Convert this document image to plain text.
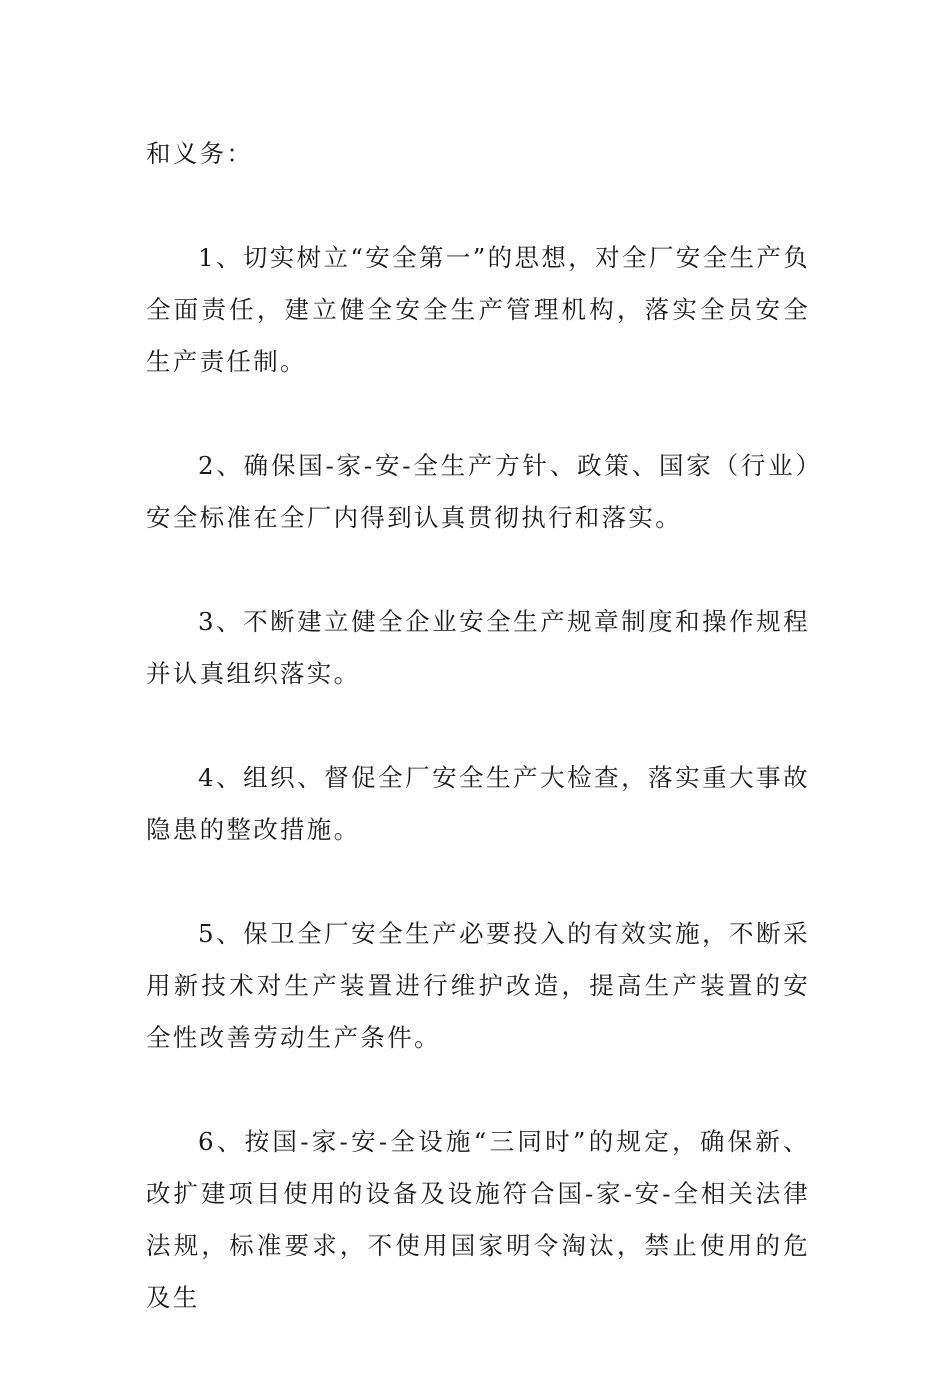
和义务：

1、切实树立“安全第一”的思想，对全厂安全生产负全面责任，建立健全安全生产管理机构，落实全员安全生产责任制。

2、确保国-家-安-全生产方针、政策、国家（行业）安全标准在全厂内得到认真贯彻执行和落实。

3、不断建立健全企业安全生产规章制度和操作规程并认真组织落实。

4、组织、督促全厂安全生产大检查，落实重大事故隐患的整改措施。

5、保卫全厂安全生产必要投入的有效实施，不断采用新技术对生产装置进行维护改造，提高生产装置的安全性改善劳动生产条件。

6、按国-家-安-全设施“三同时”的规定，确保新、改扩建项目使用的设备及设施符合国-家-安-全相关法律法规，标准要求，不使用国家明令淘汰，禁止使用的危及生
